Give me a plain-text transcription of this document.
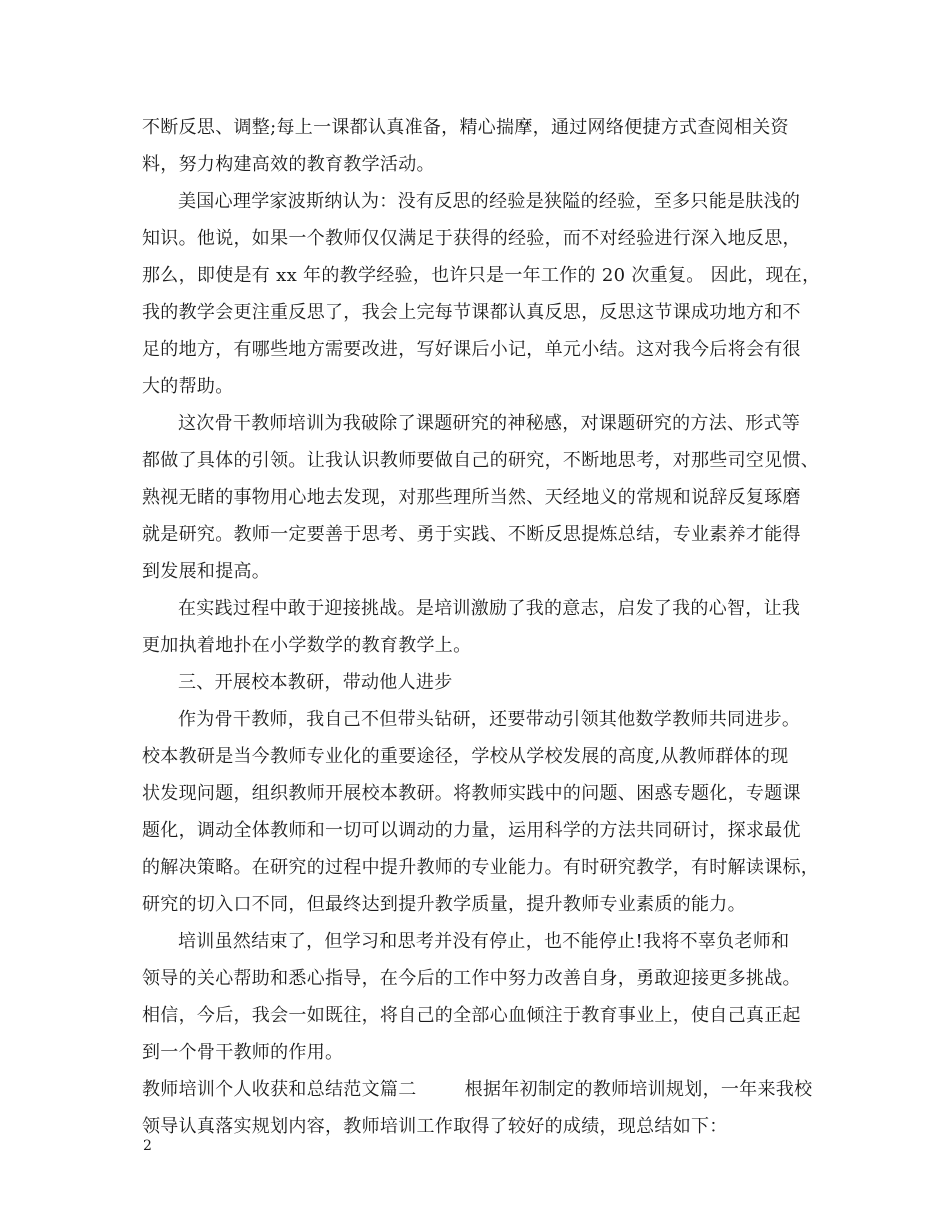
不断反思、调整;每上一课都认真准备，精心揣摩，通过网络便捷方式查阅相关资
料，努力构建高效的教育教学活动。
美国心理学家波斯纳认为：没有反思的经验是狭隘的经验，至多只能是肤浅的
知识。他说，如果一个教师仅仅满足于获得的经验，而不对经验进行深入地反思，
那么，即使是有 xx 年的教学经验，也许只是一年工作的 20 次重复。 因此，现在，
我的教学会更注重反思了，我会上完每节课都认真反思，反思这节课成功地方和不
足的地方，有哪些地方需要改进，写好课后小记，单元小结。这对我今后将会有很
大的帮助。
这次骨干教师培训为我破除了课题研究的神秘感，对课题研究的方法、形式等
都做了具体的引领。让我认识教师要做自己的研究，不断地思考，对那些司空见惯、
熟视无睹的事物用心地去发现，对那些理所当然、天经地义的常规和说辞反复琢磨
就是研究。教师一定要善于思考、勇于实践、不断反思提炼总结，专业素养才能得
到发展和提高。
在实践过程中敢于迎接挑战。是培训激励了我的意志，启发了我的心智，让我
更加执着地扑在小学数学的教育教学上。
三、开展校本教研，带动他人进步
作为骨干教师，我自己不但带头钻研，还要带动引领其他数学教师共同进步。
校本教研是当今教师专业化的重要途径，学校从学校发展的高度,从教师群体的现
状发现问题，组织教师开展校本教研。将教师实践中的问题、困惑专题化，专题课
题化，调动全体教师和一切可以调动的力量，运用科学的方法共同研讨，探求最优
的解决策略。在研究的过程中提升教师的专业能力。有时研究教学，有时解读课标，
研究的切入口不同，但最终达到提升教学质量，提升教师专业素质的能力。
培训虽然结束了，但学习和思考并没有停止，也不能停止!我将不辜负老师和
领导的关心帮助和悉心指导，在今后的工作中努力改善自身，勇敢迎接更多挑战。
相信，今后，我会一如既往，将自己的全部心血倾注于教育事业上，使自己真正起
到一个骨干教师的作用。
教师培训个人收获和总结范文篇二        根据年初制定的教师培训规划，一年来我校
领导认真落实规划内容，教师培训工作取得了较好的成绩，现总结如下：
2
